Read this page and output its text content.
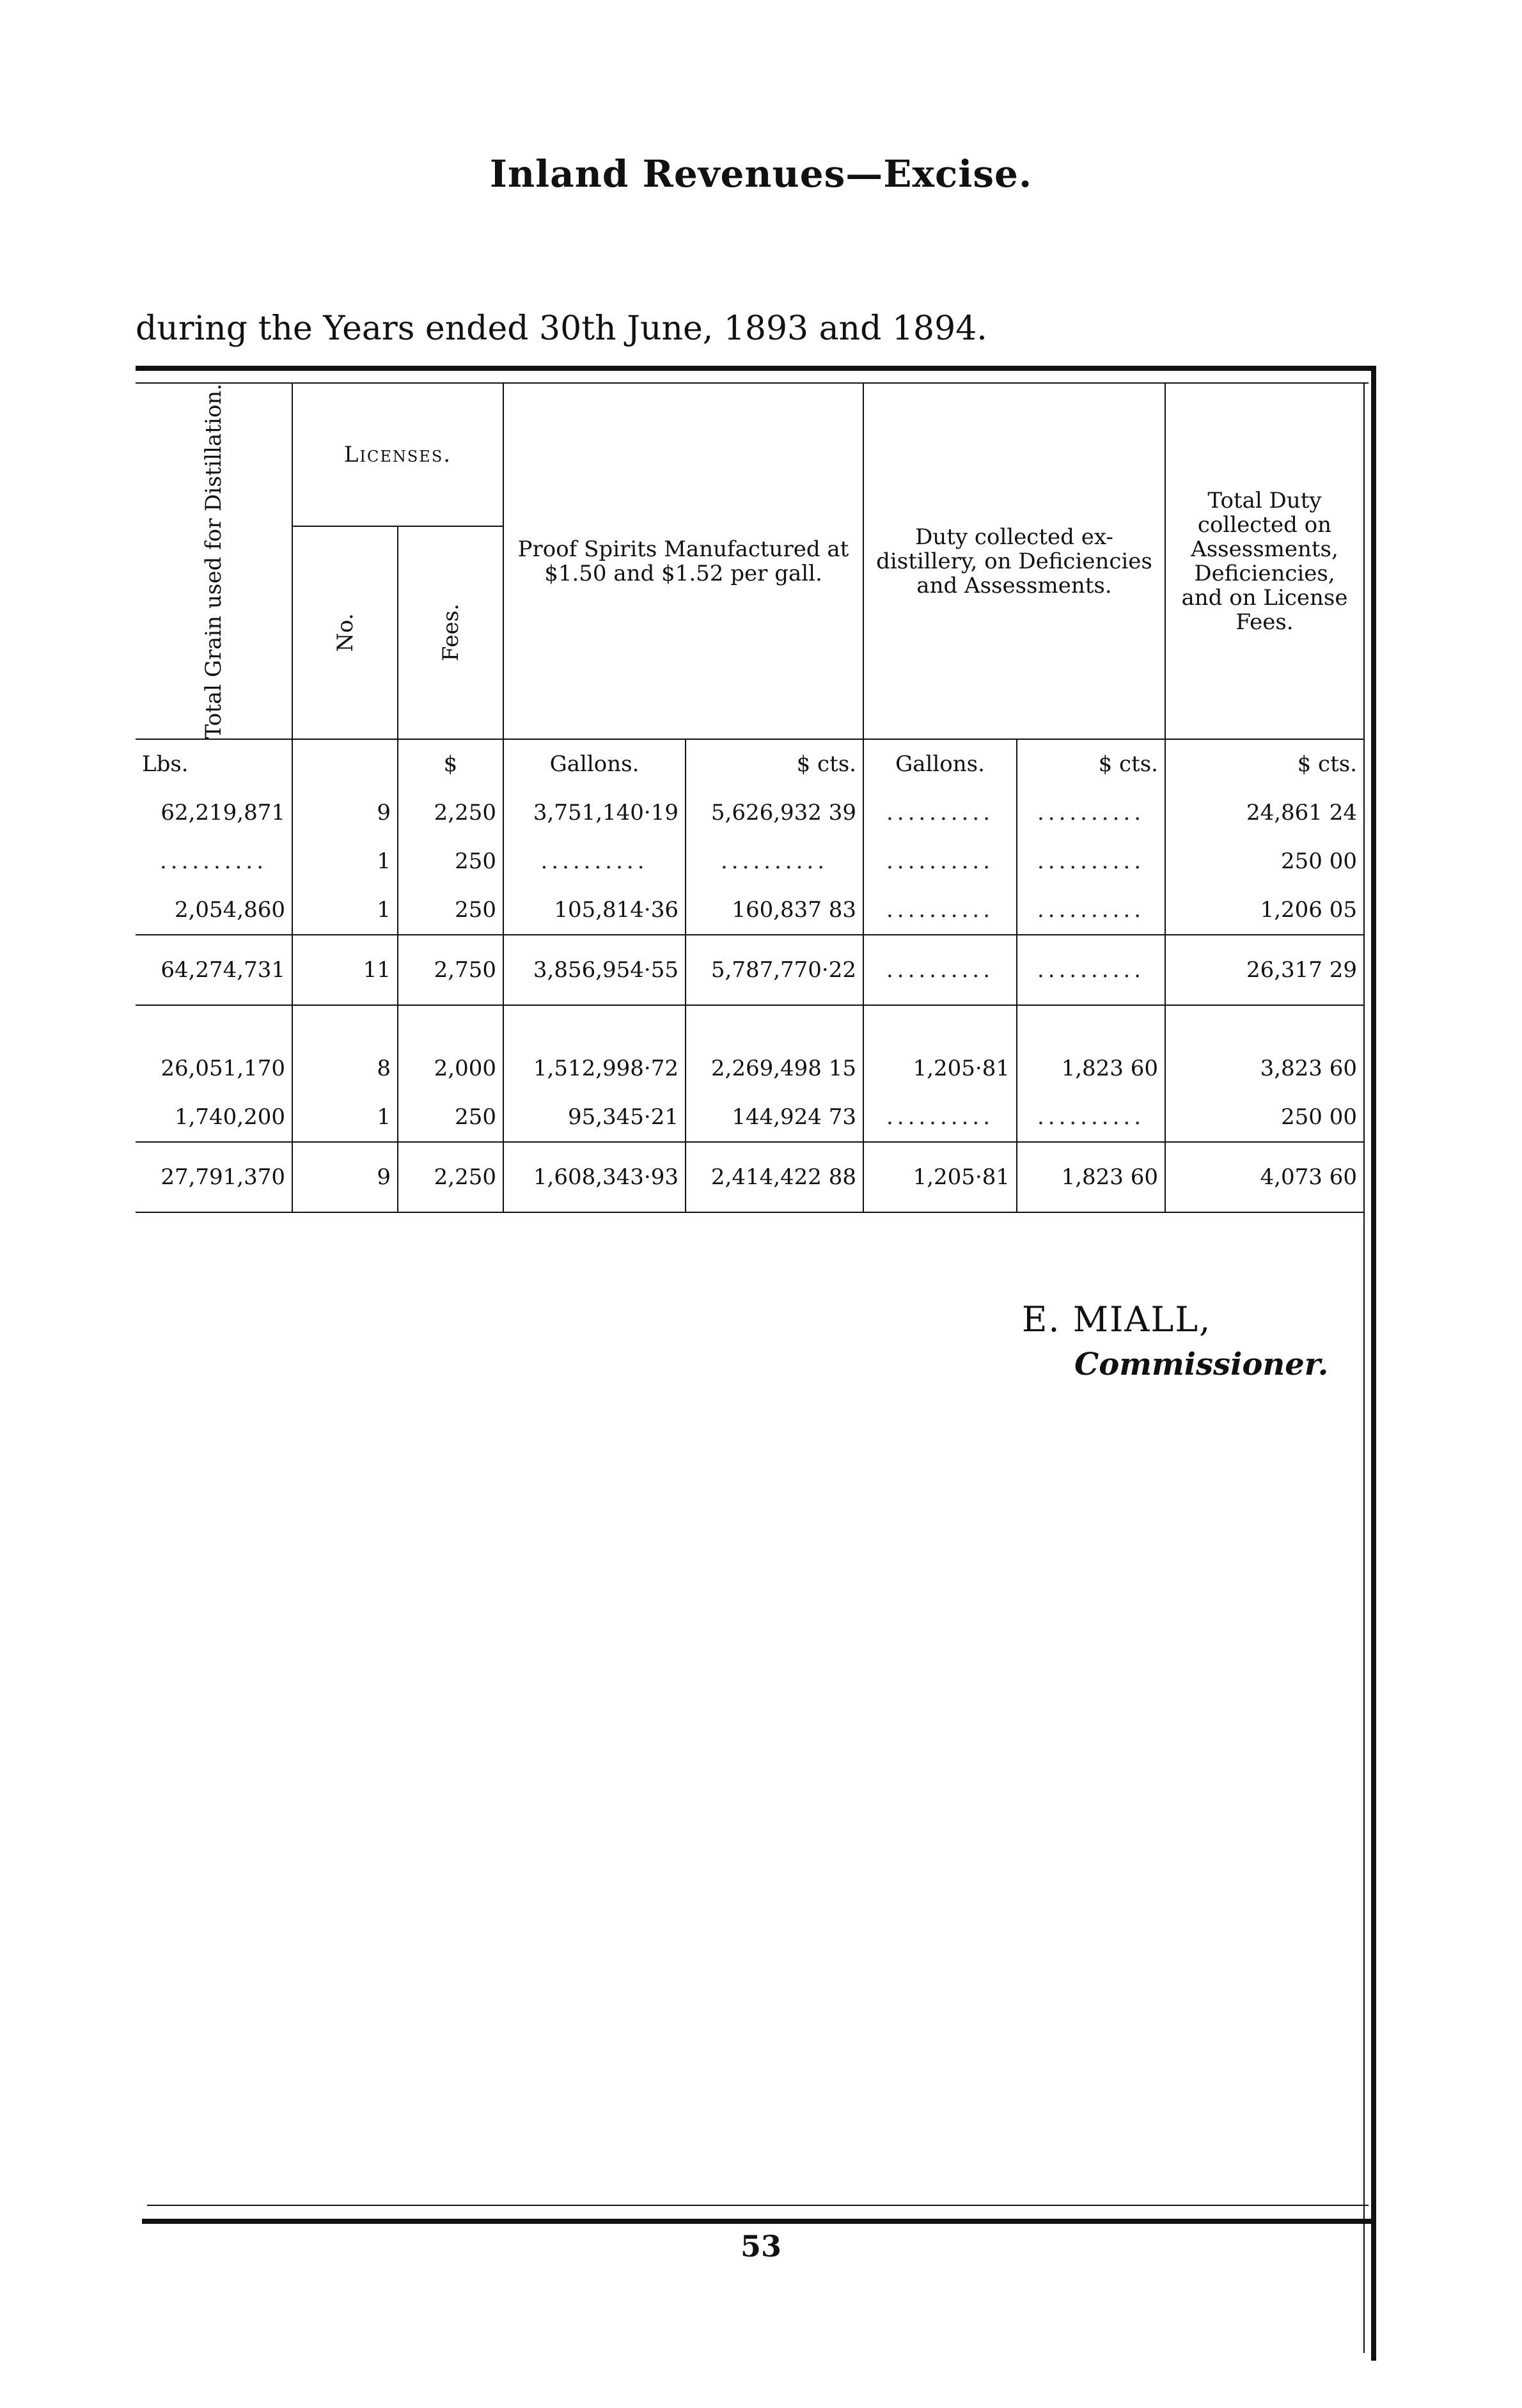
Inland Revenues—Excise.
during the Years ended 30th June, 1893 and 1894.
Total Grain used for Distillation.	Licenses.		Proof Spirits Manufactured at $1.50 and $1.52 per gall.		Duty collected ex-distillery, on Deficiencies and Assessments.		Total Duty collected on Assessments, Deficiencies, and on License Fees.

	No.	Fees.					

Lbs.		$	Gallons.	$ cts.	Gallons.	$ cts.	$ cts.
62,219,871	9	2,250	3,751,140·19	5,626,932 39	..........	..........	24,861 24
..........	1	250	..........	..........	..........	..........	250 00
2,054,860	1	250	105,814·36	160,837 83	..........	..........	1,206 05
64,274,731	11	2,750	3,856,954·55	5,787,770·22	..........	..........	26,317 29

26,051,170	8	2,000	1,512,998·72	2,269,498 15	1,205·81	1,823 60	3,823 60
1,740,200	1	250	95,345·21	144,924 73	..........	..........	250 00
27,791,370	9	2,250	1,608,343·93	2,414,422 88	1,205·81	1,823 60	4,073 60
E. MIALL,
Commissioner.
53
